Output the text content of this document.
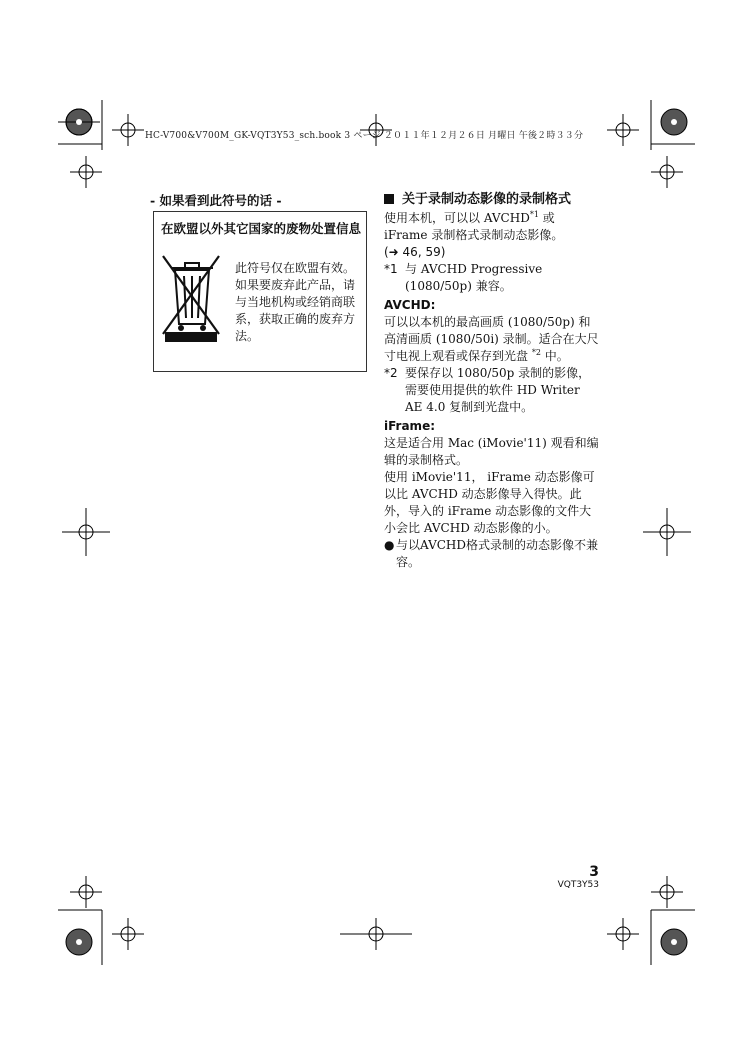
HC-V700&V700M_GK-VQT3Y53_sch.book 3 ページ ２０１１年１２月２６日 月曜日 午後２時３３分
- 如果看到此符号的话 -
在欧盟以外其它国家的废物处置信息
此符号仅在欧盟有效。如果要废弃此产品，请与当地机构或经销商联系，获取正确的废弃方法。
关于录制动态影像的录制格式

使用本机，可以以 AVCHD$^{*1}$ 或 iFrame 录制格式录制动态影像。

(➜ 46, 59)

*1 与 AVCHD Progressive (1080/50p) 兼容。

AVCHD:

可以以本机的最高画质 (1080/50p) 和高清画质 (1080/50i) 录制。适合在大尺寸电视上观看或保存到光盘 $^{*2}$ 中。

*2 要保存以 1080/50p 录制的影像，需要使用提供的软件 HD Writer AE 4.0 复制到光盘中。

iFrame:

这是适合用 Mac (iMovie'11) 观看和编辑的录制格式。

使用 iMovie'11， iFrame 动态影像可以比 AVCHD 动态影像导入得快。此外，导入的 iFrame 动态影像的文件大小会比 AVCHD 动态影像的小。

● 与以AVCHD格式录制的动态影像不兼容。
3
VQT3Y53
